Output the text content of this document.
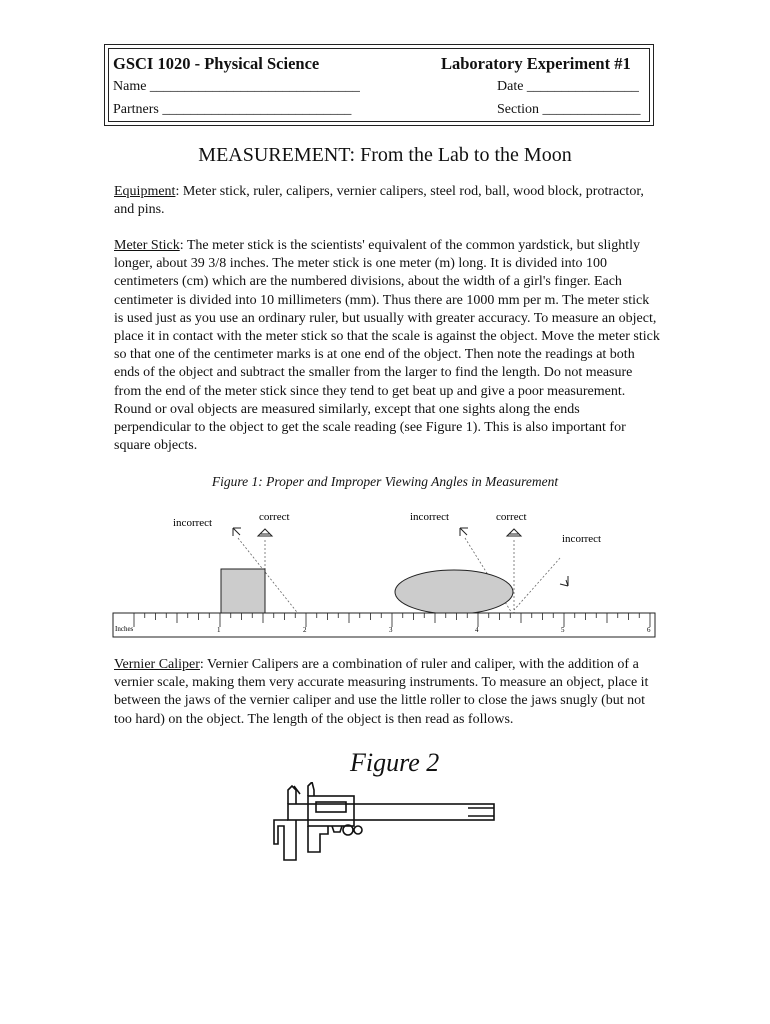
GSCI 1020 - Physical Science	Laboratory Experiment #1
Name ______________________________	Date ________________
Partners ___________________________	Section ______________
MEASUREMENT: From the Lab to the Moon
Equipment: Meter stick, ruler, calipers, vernier calipers, steel rod, ball, wood block, protractor, and pins.
Meter Stick: The meter stick is the scientists' equivalent of the common yardstick, but slightly longer, about 39 3/8 inches. The meter stick is one meter (m) long. It is divided into 100 centimeters (cm) which are the numbered divisions, about the width of a girl's finger. Each centimeter is divided into 10 millimeters (mm). Thus there are 1000 mm per m. The meter stick is used just as you use an ordinary ruler, but usually with greater accuracy. To measure an object, place it in contact with the meter stick so that the scale is against the object. Move the meter stick so that one of the centimeter marks is at one end of the object. Then note the readings at both ends of the object and subtract the smaller from the larger to find the length. Do not measure from the end of the meter stick since they tend to get beat up and give a poor measurement. Round or oval objects are measured similarly, except that one sights along the ends perpendicular to the object to get the scale reading (see Figure 1). This is also important for square objects.
Figure 1: Proper and Improper Viewing Angles in Measurement
incorrect	correct	incorrect	correct
incorrect
Inches	1	2	3	4	5	6
Vernier Caliper: Vernier Calipers are a combination of ruler and caliper, with the addition of a vernier scale, making them very accurate measuring instruments. To measure an object, place it between the jaws of the vernier caliper and use the little roller to close the jaws snugly (but not too hard) on the object. The length of the object is then read as follows.
Figure 2
